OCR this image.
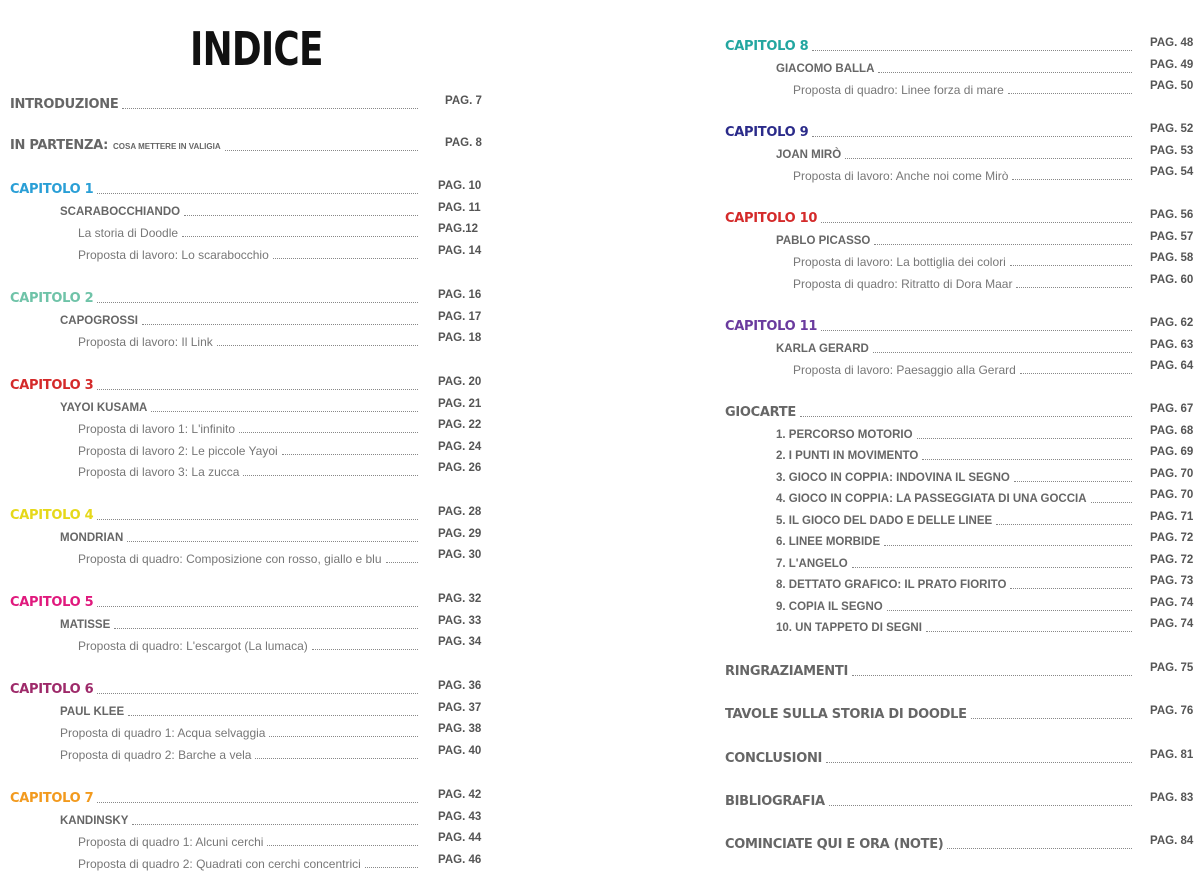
INDICE
INTRODUZIONE	PAG. 7
IN PARTENZA: COSA METTERE IN VALIGIA	PAG. 8
CAPITOLO 1	PAG. 10
SCARABOCCHIANDO	PAG. 11
La storia di Doodle	PAG.12
Proposta di lavoro: Lo scarabocchio	PAG. 14
CAPITOLO 2	PAG. 16
CAPOGROSSI	PAG. 17
Proposta di lavoro: Il Link	PAG. 18
CAPITOLO 3	PAG. 20
YAYOI KUSAMA	PAG. 21
Proposta di lavoro 1: L'infinito	PAG. 22
Proposta di lavoro 2: Le piccole Yayoi	PAG. 24
Proposta di lavoro 3: La zucca	PAG. 26
CAPITOLO 4	PAG. 28
MONDRIAN	PAG. 29
Proposta di quadro: Composizione con rosso, giallo e blu	PAG. 30
CAPITOLO 5	PAG. 32
MATISSE	PAG. 33
Proposta di quadro: L'escargot (La lumaca)	PAG. 34
CAPITOLO 6	PAG. 36
PAUL KLEE	PAG. 37
Proposta di quadro 1: Acqua selvaggia	PAG. 38
Proposta di quadro 2: Barche a vela	PAG. 40
CAPITOLO 7	PAG. 42
KANDINSKY	PAG. 43
Proposta di quadro 1: Alcuni cerchi	PAG. 44
Proposta di quadro 2: Quadrati con cerchi concentrici	PAG. 46
CAPITOLO 8	PAG. 48
GIACOMO BALLA	PAG. 49
Proposta di quadro: Linee forza di mare	PAG. 50
CAPITOLO 9	PAG. 52
JOAN MIRÒ	PAG. 53
Proposta di lavoro: Anche noi come Mirò	PAG. 54
CAPITOLO 10	PAG. 56
PABLO PICASSO	PAG. 57
Proposta di lavoro: La bottiglia dei colori	PAG. 58
Proposta di quadro: Ritratto di Dora Maar	PAG. 60
CAPITOLO 11	PAG. 62
KARLA GERARD	PAG. 63
Proposta di lavoro: Paesaggio alla Gerard	PAG. 64
GIOCARTE	PAG. 67
1. PERCORSO MOTORIO	PAG. 68
2. I PUNTI IN MOVIMENTO	PAG. 69
3. GIOCO IN COPPIA: INDOVINA IL SEGNO	PAG. 70
4. GIOCO IN COPPIA: LA PASSEGGIATA DI UNA GOCCIA	PAG. 70
5. IL GIOCO DEL DADO E DELLE LINEE	PAG. 71
6. LINEE MORBIDE	PAG. 72
7. L'ANGELO	PAG. 72
8. DETTATO GRAFICO: IL PRATO FIORITO	PAG. 73
9. COPIA IL SEGNO	PAG. 74
10. UN TAPPETO DI SEGNI	PAG. 74
RINGRAZIAMENTI	PAG. 75
TAVOLE SULLA STORIA DI DOODLE	PAG. 76
CONCLUSIONI	PAG. 81
BIBLIOGRAFIA	PAG. 83
COMINCIATE QUI E ORA (NOTE)	PAG. 84
